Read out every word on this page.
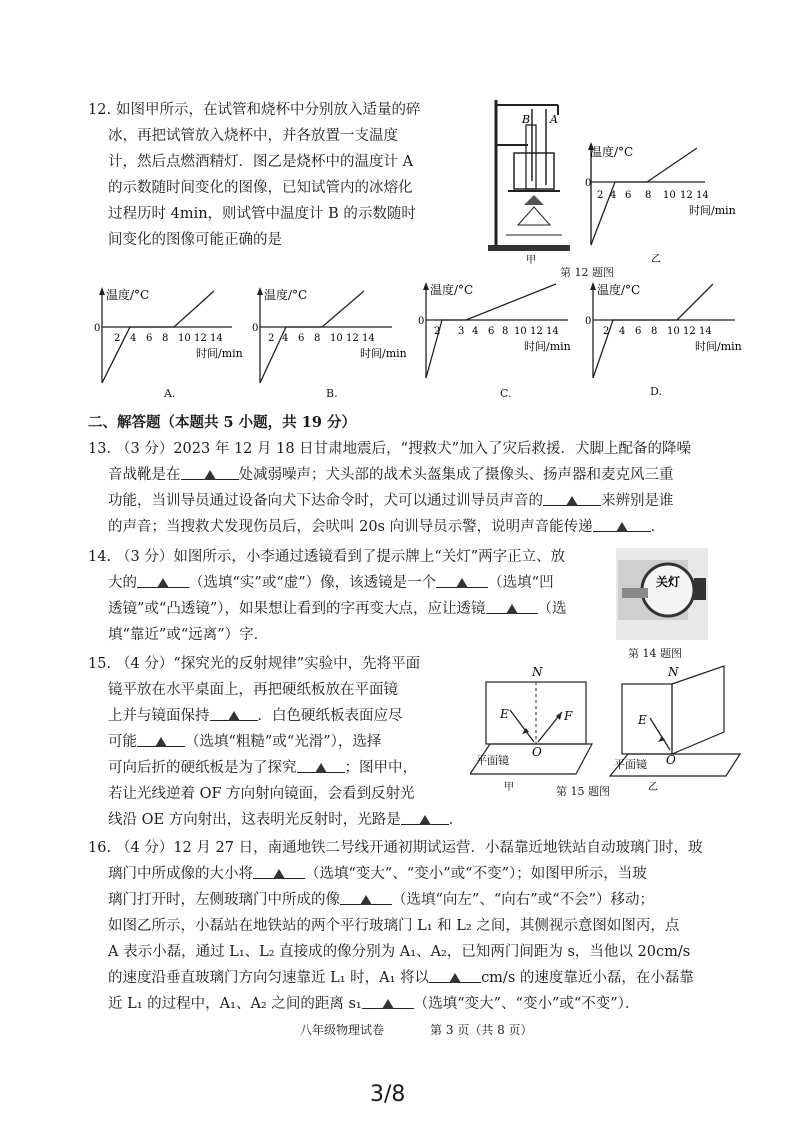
12. 如图甲所示，在试管和烧杯中分别放入适量的碎
冰，再把试管放入烧杯中，并各放置一支温度
计，然后点燃酒精灯．图乙是烧杯中的温度计 A
的示数随时间变化的图像，已知试管内的冰熔化
过程历时 4min，则试管中温度计 B 的示数随时
间变化的图像可能正确的是
B A
甲
温度/°C
0
2 4 6 8 10 12 14
时间/min
乙
第 12 题图
温度/°C
0
2 4 6 8 10 12 14
时间/min
A.
温度/°C
0
2 4 6 8 10 12 14
时间/min
B.
温度/°C
0
2 3 4 6 8 10 12 14
时间/min
C.
温度/°C
0
2 4 6 8 10 12 14
时间/min
D.
二、解答题（本题共 5 小题，共 19 分）
13. （3 分）2023 年 12 月 18 日甘肃地震后，“搜救犬”加入了灾后救援．犬脚上配备的降噪
音战靴是在	处减弱噪声；犬头部的战术头盔集成了摄像头、扬声器和麦克风三重
功能，当训导员通过设备向犬下达命令时，犬可以通过训导员声音的	来辨别是谁
的声音；当搜救犬发现伤员后，会吠叫 20s 向训导员示警，说明声音能传递	．
14. （3 分）如图所示，小李通过透镜看到了提示牌上“关灯”两字正立、放
大的	（选填“实”或“虚”）像，该透镜是一个	（选填“凹
透镜”或“凸透镜”），如果想让看到的字再变大点，应让透镜	（选
填“靠近”或“远离”）字．
关灯
第 14 题图
15. （4 分）“探究光的反射规律”实验中，先将平面
镜平放在水平桌面上，再把硬纸板放在平面镜
上并与镜面保持	．白色硬纸板表面应尽
可能	（选填“粗糙”或“光滑”），选择
可向后折的硬纸板是为了探究	；图甲中，
若让光线逆着 OF 方向射向镜面，会看到反射光
线沿 OE 方向射出，这表明光反射时，光路是	．
N
E	F
O
平面镜
甲
N
E
O
平面镜
乙
第 15 题图
16. （4 分）12 月 27 日，南通地铁二号线开通初期试运营．小磊靠近地铁站自动玻璃门时，玻
璃门中所成像的大小将	（选填“变大”、“变小”或“不变”）；如图甲所示，当玻
璃门打开时，左侧玻璃门中所成的像	（选填“向左”、“向右”或“不会”）移动；
如图乙所示，小磊站在地铁站的两个平行玻璃门 L₁ 和 L₂ 之间，其侧视示意图如图丙，点
A 表示小磊，通过 L₁、L₂ 直接成的像分别为 A₁、A₂，已知两门间距为 s，当他以 20cm/s
的速度沿垂直玻璃门方向匀速靠近 L₁ 时，A₁ 将以	cm/s 的速度靠近小磊，在小磊靠
近 L₁ 的过程中，A₁、A₂ 之间的距离 s₁	（选填“变大”、“变小”或“不变”）．
八年级物理试卷	第 3 页（共 8 页）
3/8
